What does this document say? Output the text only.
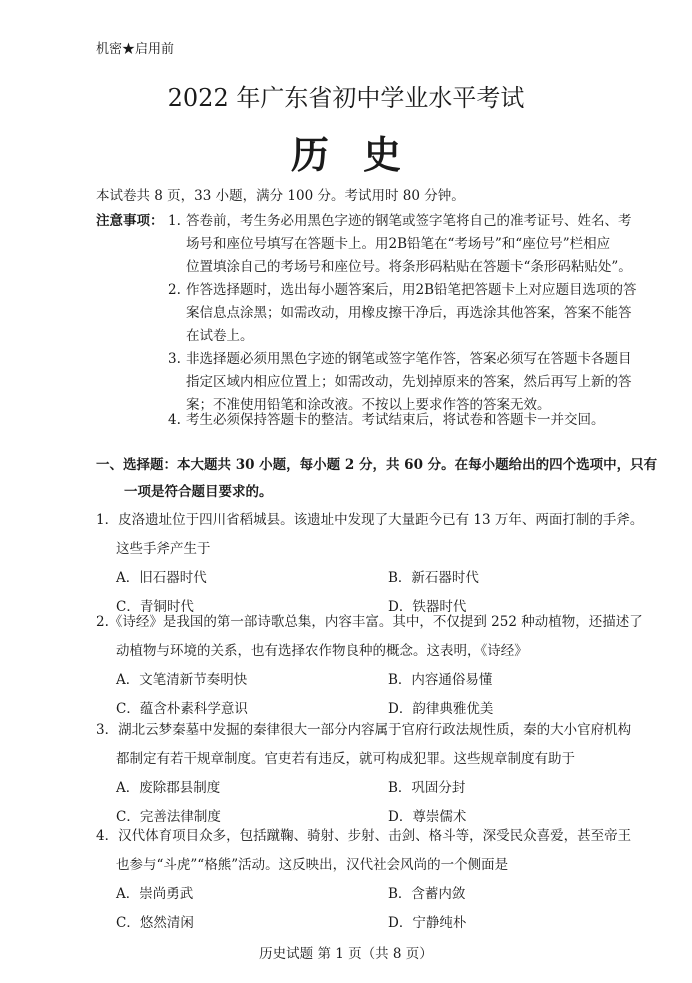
机密★启用前
2022 年广东省初中学业水平考试
历史
本试卷共 8 页，33 小题，满分 100 分。考试用时 80 分钟。
注意事项： 1. 答卷前，考生务必用黑色字迹的钢笔或签字笔将自己的准考证号、姓名、考
场号和座位号填写在答题卡上。用2B铅笔在“考场号”和“座位号”栏相应
位置填涂自己的考场号和座位号。将条形码粘贴在答题卡“条形码粘贴处”。
2. 作答选择题时，选出每小题答案后，用2B铅笔把答题卡上对应题目选项的答
案信息点涂黑；如需改动，用橡皮擦干净后，再选涂其他答案，答案不能答
在试卷上。
3. 非选择题必须用黑色字迹的钢笔或签字笔作答，答案必须写在答题卡各题目
指定区域内相应位置上；如需改动，先划掉原来的答案，然后再写上新的答
案；不准使用铅笔和涂改液。不按以上要求作答的答案无效。
4. 考生必须保持答题卡的整洁。考试结束后，将试卷和答题卡一并交回。
一、选择题：本大题共 30 小题，每小题 2 分，共 60 分。在每小题给出的四个选项中，只有
一项是符合题目要求的。
1．皮洛遗址位于四川省稻城县。该遗址中发现了大量距今已有 13 万年、两面打制的手斧。
这些手斧产生于
A．旧石器时代	B．新石器时代
C．青铜时代	D．铁器时代
2.《诗经》是我国的第一部诗歌总集，内容丰富。其中，不仅提到 252 种动植物，还描述了
动植物与环境的关系，也有选择农作物良种的概念。这表明，《诗经》
A．文笔清新节奏明快	B．内容通俗易懂
C．蕴含朴素科学意识	D．韵律典雅优美
3．湖北云梦秦墓中发掘的秦律很大一部分内容属于官府行政法规性质，秦的大小官府机构
都制定有若干规章制度。官吏若有违反，就可构成犯罪。这些规章制度有助于
A．废除郡县制度	B．巩固分封
C．完善法律制度	D．尊崇儒术
4．汉代体育项目众多，包括蹴鞠、骑射、步射、击剑、格斗等，深受民众喜爱，甚至帝王
也参与“斗虎”“格熊”活动。这反映出，汉代社会风尚的一个侧面是
A．崇尚勇武	B．含蓄内敛
C．悠然清闲	D．宁静纯朴
历史试题 第 1 页（共 8 页）
